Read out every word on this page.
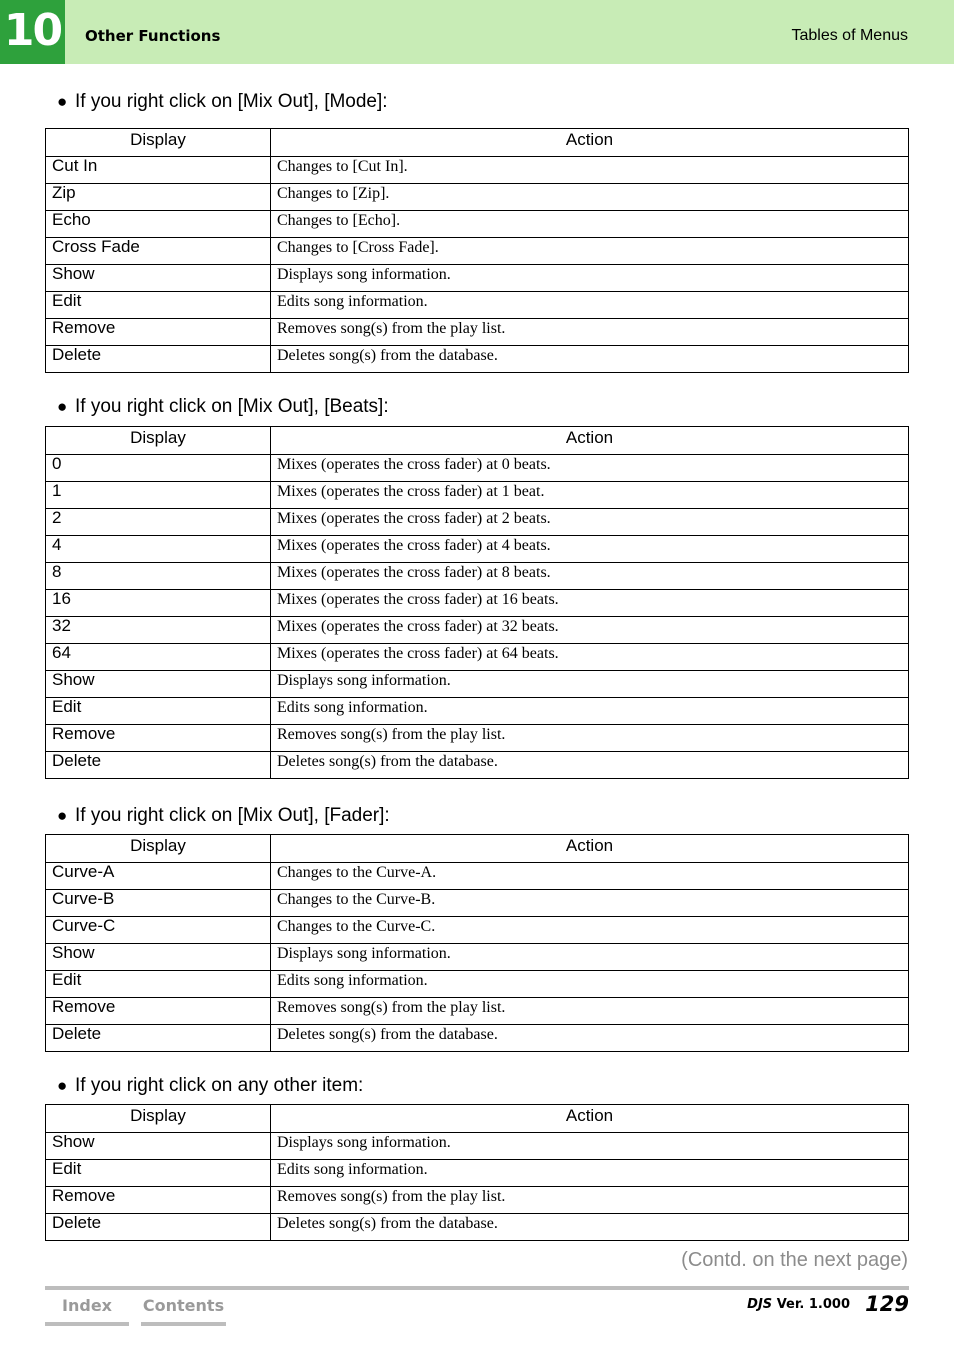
10 Other Functions	Tables of Menus
● If you right click on [Mix Out], [Mode]:
Display	Action
Cut In	Changes to [Cut In].
Zip	Changes to [Zip].
Echo	Changes to [Echo].
Cross Fade	Changes to [Cross Fade].
Show	Displays song information.
Edit	Edits song information.
Remove	Removes song(s) from the play list.
Delete	Deletes song(s) from the database.
● If you right click on [Mix Out], [Beats]:
Display	Action
0	Mixes (operates the cross fader) at 0 beats.
1	Mixes (operates the cross fader) at 1 beat.
2	Mixes (operates the cross fader) at 2 beats.
4	Mixes (operates the cross fader) at 4 beats.
8	Mixes (operates the cross fader) at 8 beats.
16	Mixes (operates the cross fader) at 16 beats.
32	Mixes (operates the cross fader) at 32 beats.
64	Mixes (operates the cross fader) at 64 beats.
Show	Displays song information.
Edit	Edits song information.
Remove	Removes song(s) from the play list.
Delete	Deletes song(s) from the database.
● If you right click on [Mix Out], [Fader]:
Display	Action
Curve-A	Changes to the Curve-A.
Curve-B	Changes to the Curve-B.
Curve-C	Changes to the Curve-C.
Show	Displays song information.
Edit	Edits song information.
Remove	Removes song(s) from the play list.
Delete	Deletes song(s) from the database.
● If you right click on any other item:
Display	Action
Show	Displays song information.
Edit	Edits song information.
Remove	Removes song(s) from the play list.
Delete	Deletes song(s) from the database.
(Contd. on the next page)
Index	Contents	DJS Ver. 1.000 129
